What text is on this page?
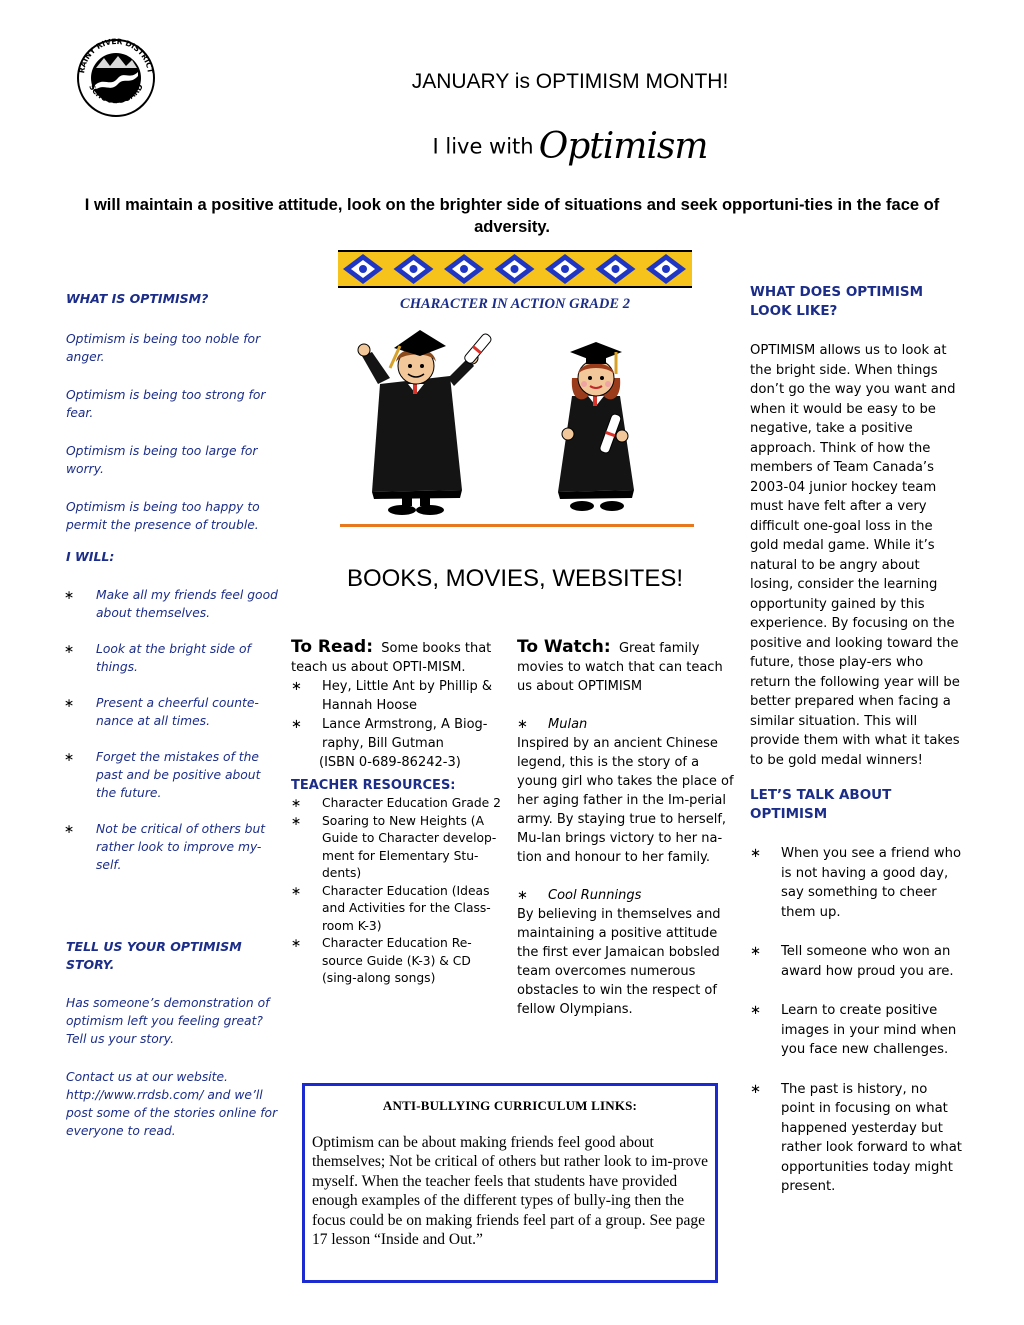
RAINY RIVER DISTRICT
SCHOOL BOARD	JANUARY is OPTIMISM MONTH!
I live with Optimism
I will maintain a positive attitude, look on the brighter side of situations and seek opportuni-ties in the face of adversity.
CHARACTER IN ACTION GRADE 2
WHAT IS OPTIMISM?

Optimism is being too noble for anger.

Optimism is being too strong for fear.

Optimism is being too large for worry.

Optimism is being too happy to permit the presence of trouble.

I WILL:
∗ Make all my friends feel good about themselves.
∗ Look at the bright side of things.
∗ Present a cheerful counte-nance at all times.
∗ Forget the mistakes of the past and be positive about the future.
∗ Not be critical of others but rather look to improve my-self.
TELL US YOUR OPTIMISM STORY.

Has someone’s demonstration of optimism left you feeling great? Tell us your story.

Contact us at our website. http://www.rrdsb.com/ and we’ll post some of the stories online for everyone to read.

BOOKS, MOVIES, WEBSITES!
To Read: Some books that teach us about OPTI-MISM.
∗ Hey, Little Ant by Phillip & Hannah Hoose
∗ Lance Armstrong, A Biog-raphy, Bill Gutman
(ISBN 0-689-86242-3)
TEACHER RESOURCES:
∗ Character Education Grade 2
∗ Soaring to New Heights (A Guide to Character develop-ment for Elementary Stu-dents)
∗ Character Education (Ideas and Activities for the Class-room K-3)
∗ Character Education Re-source Guide (K-3) & CD (sing-along songs)
To Watch: Great family movies to watch that can teach us about OPTIMISM
∗ Mulan
Inspired by an ancient Chinese legend, this is the story of a young girl who takes the place of her aging father in the Im-perial army. By staying true to herself, Mu-lan brings victory to her na-tion and honour to her family.
∗ Cool Runnings
By believing in themselves and maintaining a positive attitude the first ever Jamaican bobsled team overcomes numerous obstacles to win the respect of fellow Olympians.
ANTI-BULLYING CURRICULUM LINKS:
Optimism can be about making friends feel good about themselves; Not be critical of others but rather look to im-prove myself. When the teacher feels that students have provided enough examples of the different types of bully-ing then the focus could be on making friends feel part of a group. See page 17 lesson “Inside and Out.”
WHAT DOES OPTIMISM LOOK LIKE?
OPTIMISM allows us to look at the bright side. When things don’t go the way you want and when it would be easy to be negative, take a positive approach. Think of how the members of Team Canada’s 2003-04 junior hockey team must have felt after a very difficult one-goal loss in the gold medal game. While it’s natural to be angry about losing, consider the learning opportunity gained by this experience. By focusing on the positive and looking toward the future, those play-ers who return the following year will be better prepared when facing a similar situation. This will provide them with what it takes to be gold medal winners!
LET’S TALK ABOUT OPTIMISM
∗ When you see a friend who is not having a good day, say something to cheer them up.
∗ Tell someone who won an award how proud you are.
∗ Learn to create positive images in your mind when you face new challenges.
∗ The past is history, no point in focusing on what happened yesterday but rather look forward to what opportunities today might present.
